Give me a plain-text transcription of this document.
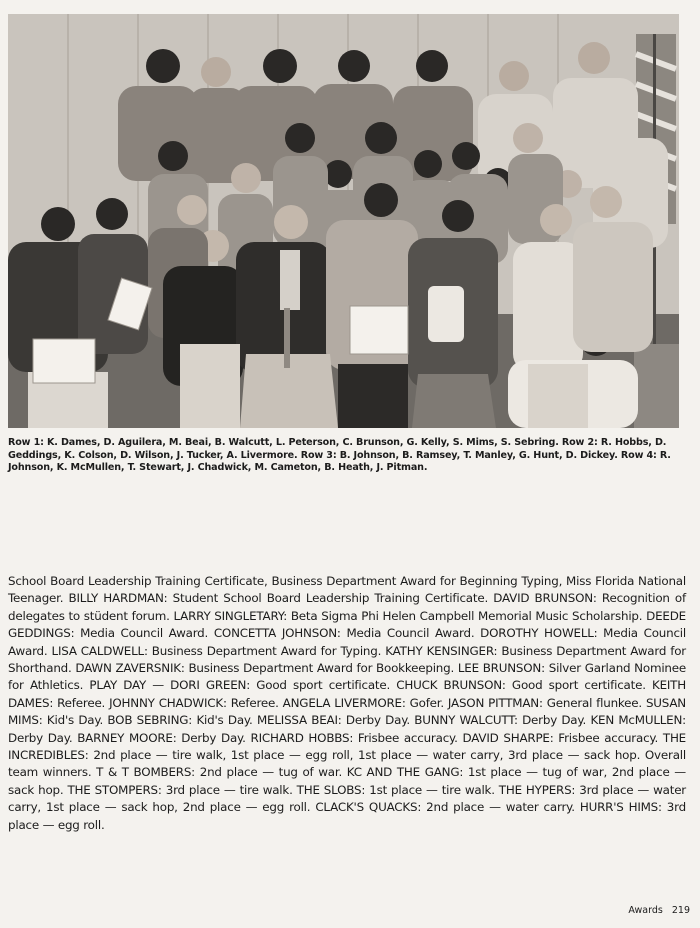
Row 1: K. Dames, D. Aguilera, M. Beai, B. Walcutt, L. Peterson, C. Brunson, G. Kelly, S. Mims, S. Sebring. Row 2: R. Hobbs, D. Geddings, K. Colson, D. Wilson, J. Tucker, A. Livermore. Row 3: B. Johnson, B. Ramsey, T. Manley, G. Hunt, D. Dickey. Row 4: R. Johnson, K. McMullen, T. Stewart, J. Chadwick, M. Cameton, B. Heath, J. Pitman.

School Board Leadership Training Certificate, Business Department Award for Beginning Typing, Miss Florida National Teenager. BILLY HARDMAN: Student School Board Leadership Training Certificate. DAVID BRUNSON: Recognition of delegates to stüdent forum. LARRY SINGLETARY: Beta Sigma Phi Helen Campbell Memorial Music Scholarship. DEEDE GEDDINGS: Media Council Award. CONCETTA JOHNSON: Media Council Award. DOROTHY HOWELL: Media Council Award. LISA CALDWELL: Business Department Award for Typing. KATHY KENSINGER: Business Department Award for Shorthand. DAWN ZAVERSNIK: Business Department Award for Bookkeeping. LEE BRUNSON: Silver Garland Nominee for Athletics. PLAY DAY — DORI GREEN: Good sport certificate. CHUCK BRUNSON: Good sport certificate. KEITH DAMES: Referee. JOHNNY CHADWICK: Referee. ANGELA LIVERMORE: Gofer. JASON PITTMAN: General flunkee. SUSAN MIMS: Kid's Day. BOB SEBRING: Kid's Day. MELISSA BEAI: Derby Day. BUNNY WALCUTT: Derby Day. KEN McMULLEN: Derby Day. BARNEY MOORE: Derby Day. RICHARD HOBBS: Frisbee accuracy. DAVID SHARPE: Frisbee accuracy. THE INCREDIBLES: 2nd place — tire walk, 1st place — egg roll, 1st place — water carry, 3rd place — sack hop. Overall team winners. T & T BOMBERS: 2nd place — tug of war. KC AND THE GANG: 1st place — tug of war, 2nd place — sack hop. THE STOMPERS: 3rd place — tire walk. THE SLOBS: 1st place — tire walk. THE HYPERS: 3rd place — water carry, 1st place — sack hop, 2nd place — egg roll. CLACK'S QUACKS: 2nd place — water carry. HURR'S HIMS: 3rd place — egg roll.

Awards 219
